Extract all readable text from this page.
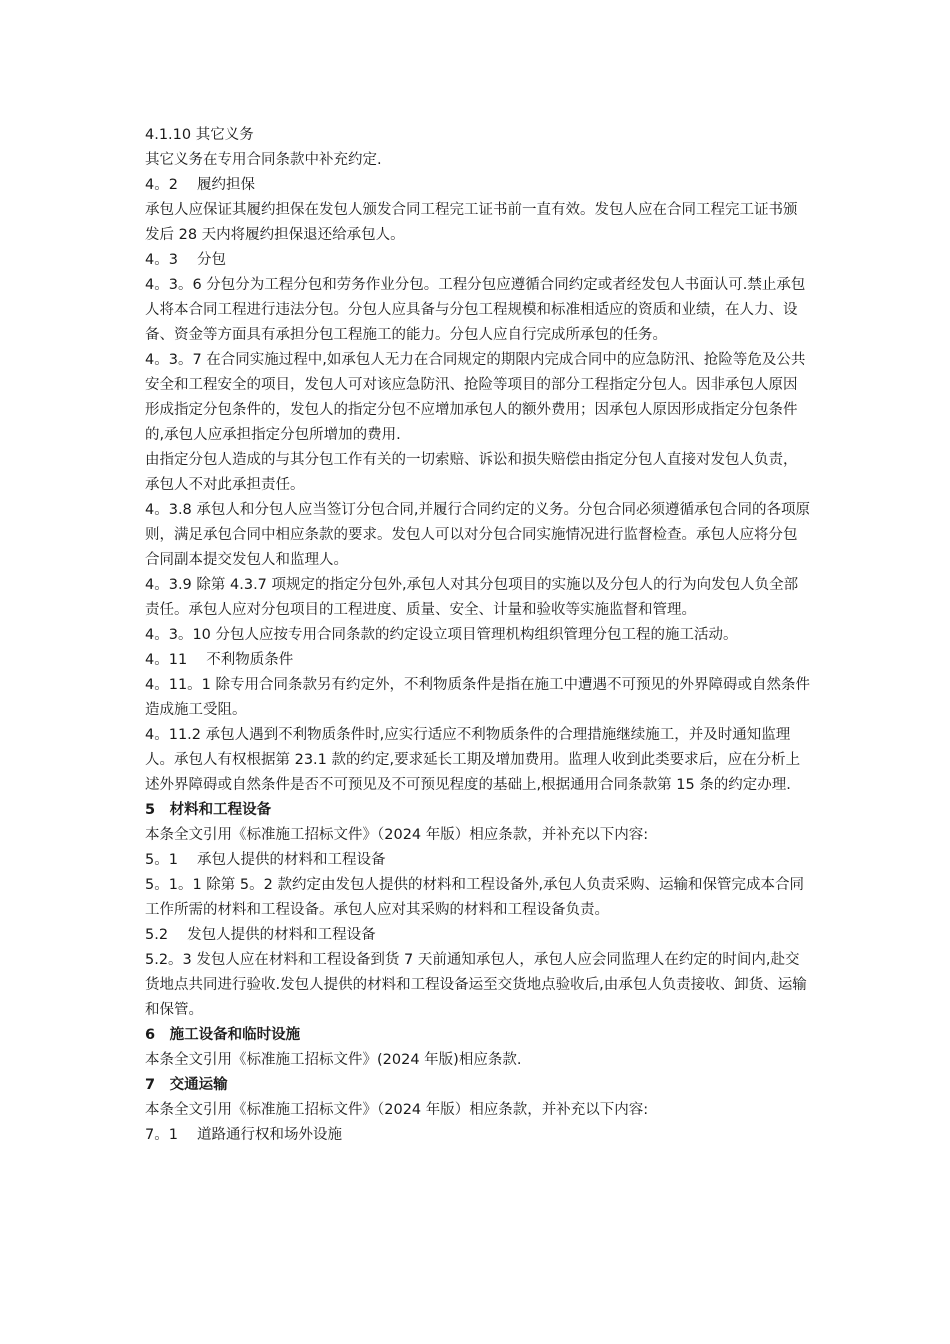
4.1.10 其它义务

其它义务在专用合同条款中补充约定.

4。2　 履约担保

承包人应保证其履约担保在发包人颁发合同工程完工证书前一直有效。发包人应在合同工程完工证书颁发后 28 天内将履约担保退还给承包人。

4。3　 分包

4。3。6 分包分为工程分包和劳务作业分包。工程分包应遵循合同约定或者经发包人书面认可.禁止承包人将本合同工程进行违法分包。分包人应具备与分包工程规模和标准相适应的资质和业绩，在人力、设备、资金等方面具有承担分包工程施工的能力。分包人应自行完成所承包的任务。

4。3。7 在合同实施过程中,如承包人无力在合同规定的期限内完成合同中的应急防汛、抢险等危及公共安全和工程安全的项目，发包人可对该应急防汛、抢险等项目的部分工程指定分包人。因非承包人原因形成指定分包条件的，发包人的指定分包不应增加承包人的额外费用；因承包人原因形成指定分包条件的,承包人应承担指定分包所增加的费用.

由指定分包人造成的与其分包工作有关的一切索赔、诉讼和损失赔偿由指定分包人直接对发包人负责，承包人不对此承担责任。

4。3.8 承包人和分包人应当签订分包合同,并履行合同约定的义务。分包合同必须遵循承包合同的各项原则，满足承包合同中相应条款的要求。发包人可以对分包合同实施情况进行监督检查。承包人应将分包合同副本提交发包人和监理人。

4。3.9 除第 4.3.7 项规定的指定分包外,承包人对其分包项目的实施以及分包人的行为向发包人负全部责任。承包人应对分包项目的工程进度、质量、安全、计量和验收等实施监督和管理。

4。3。10 分包人应按专用合同条款的约定设立项目管理机构组织管理分包工程的施工活动。

4。11　 不利物质条件

4。11。1 除专用合同条款另有约定外，不利物质条件是指在施工中遭遇不可预见的外界障碍或自然条件造成施工受阻。

4。11.2 承包人遇到不利物质条件时,应实行适应不利物质条件的合理措施继续施工，并及时通知监理人。承包人有权根据第 23.1 款的约定,要求延长工期及增加费用。监理人收到此类要求后，应在分析上述外界障碍或自然条件是否不可预见及不可预见程度的基础上,根据通用合同条款第 15 条的约定办理.

5　材料和工程设备

本条全文引用《标准施工招标文件》（2024 年版）相应条款，并补充以下内容:

5。1　 承包人提供的材料和工程设备

5。1。1 除第 5。2 款约定由发包人提供的材料和工程设备外,承包人负责采购、运输和保管完成本合同工作所需的材料和工程设备。承包人应对其采购的材料和工程设备负责。

5.2　 发包人提供的材料和工程设备

5.2。3 发包人应在材料和工程设备到货 7 天前通知承包人，承包人应会同监理人在约定的时间内,赴交货地点共同进行验收.发包人提供的材料和工程设备运至交货地点验收后,由承包人负责接收、卸货、运输和保管。

6　施工设备和临时设施

本条全文引用《标准施工招标文件》(2024 年版)相应条款.

7　交通运输

本条全文引用《标准施工招标文件》（2024 年版）相应条款，并补充以下内容:

7。1　 道路通行权和场外设施
